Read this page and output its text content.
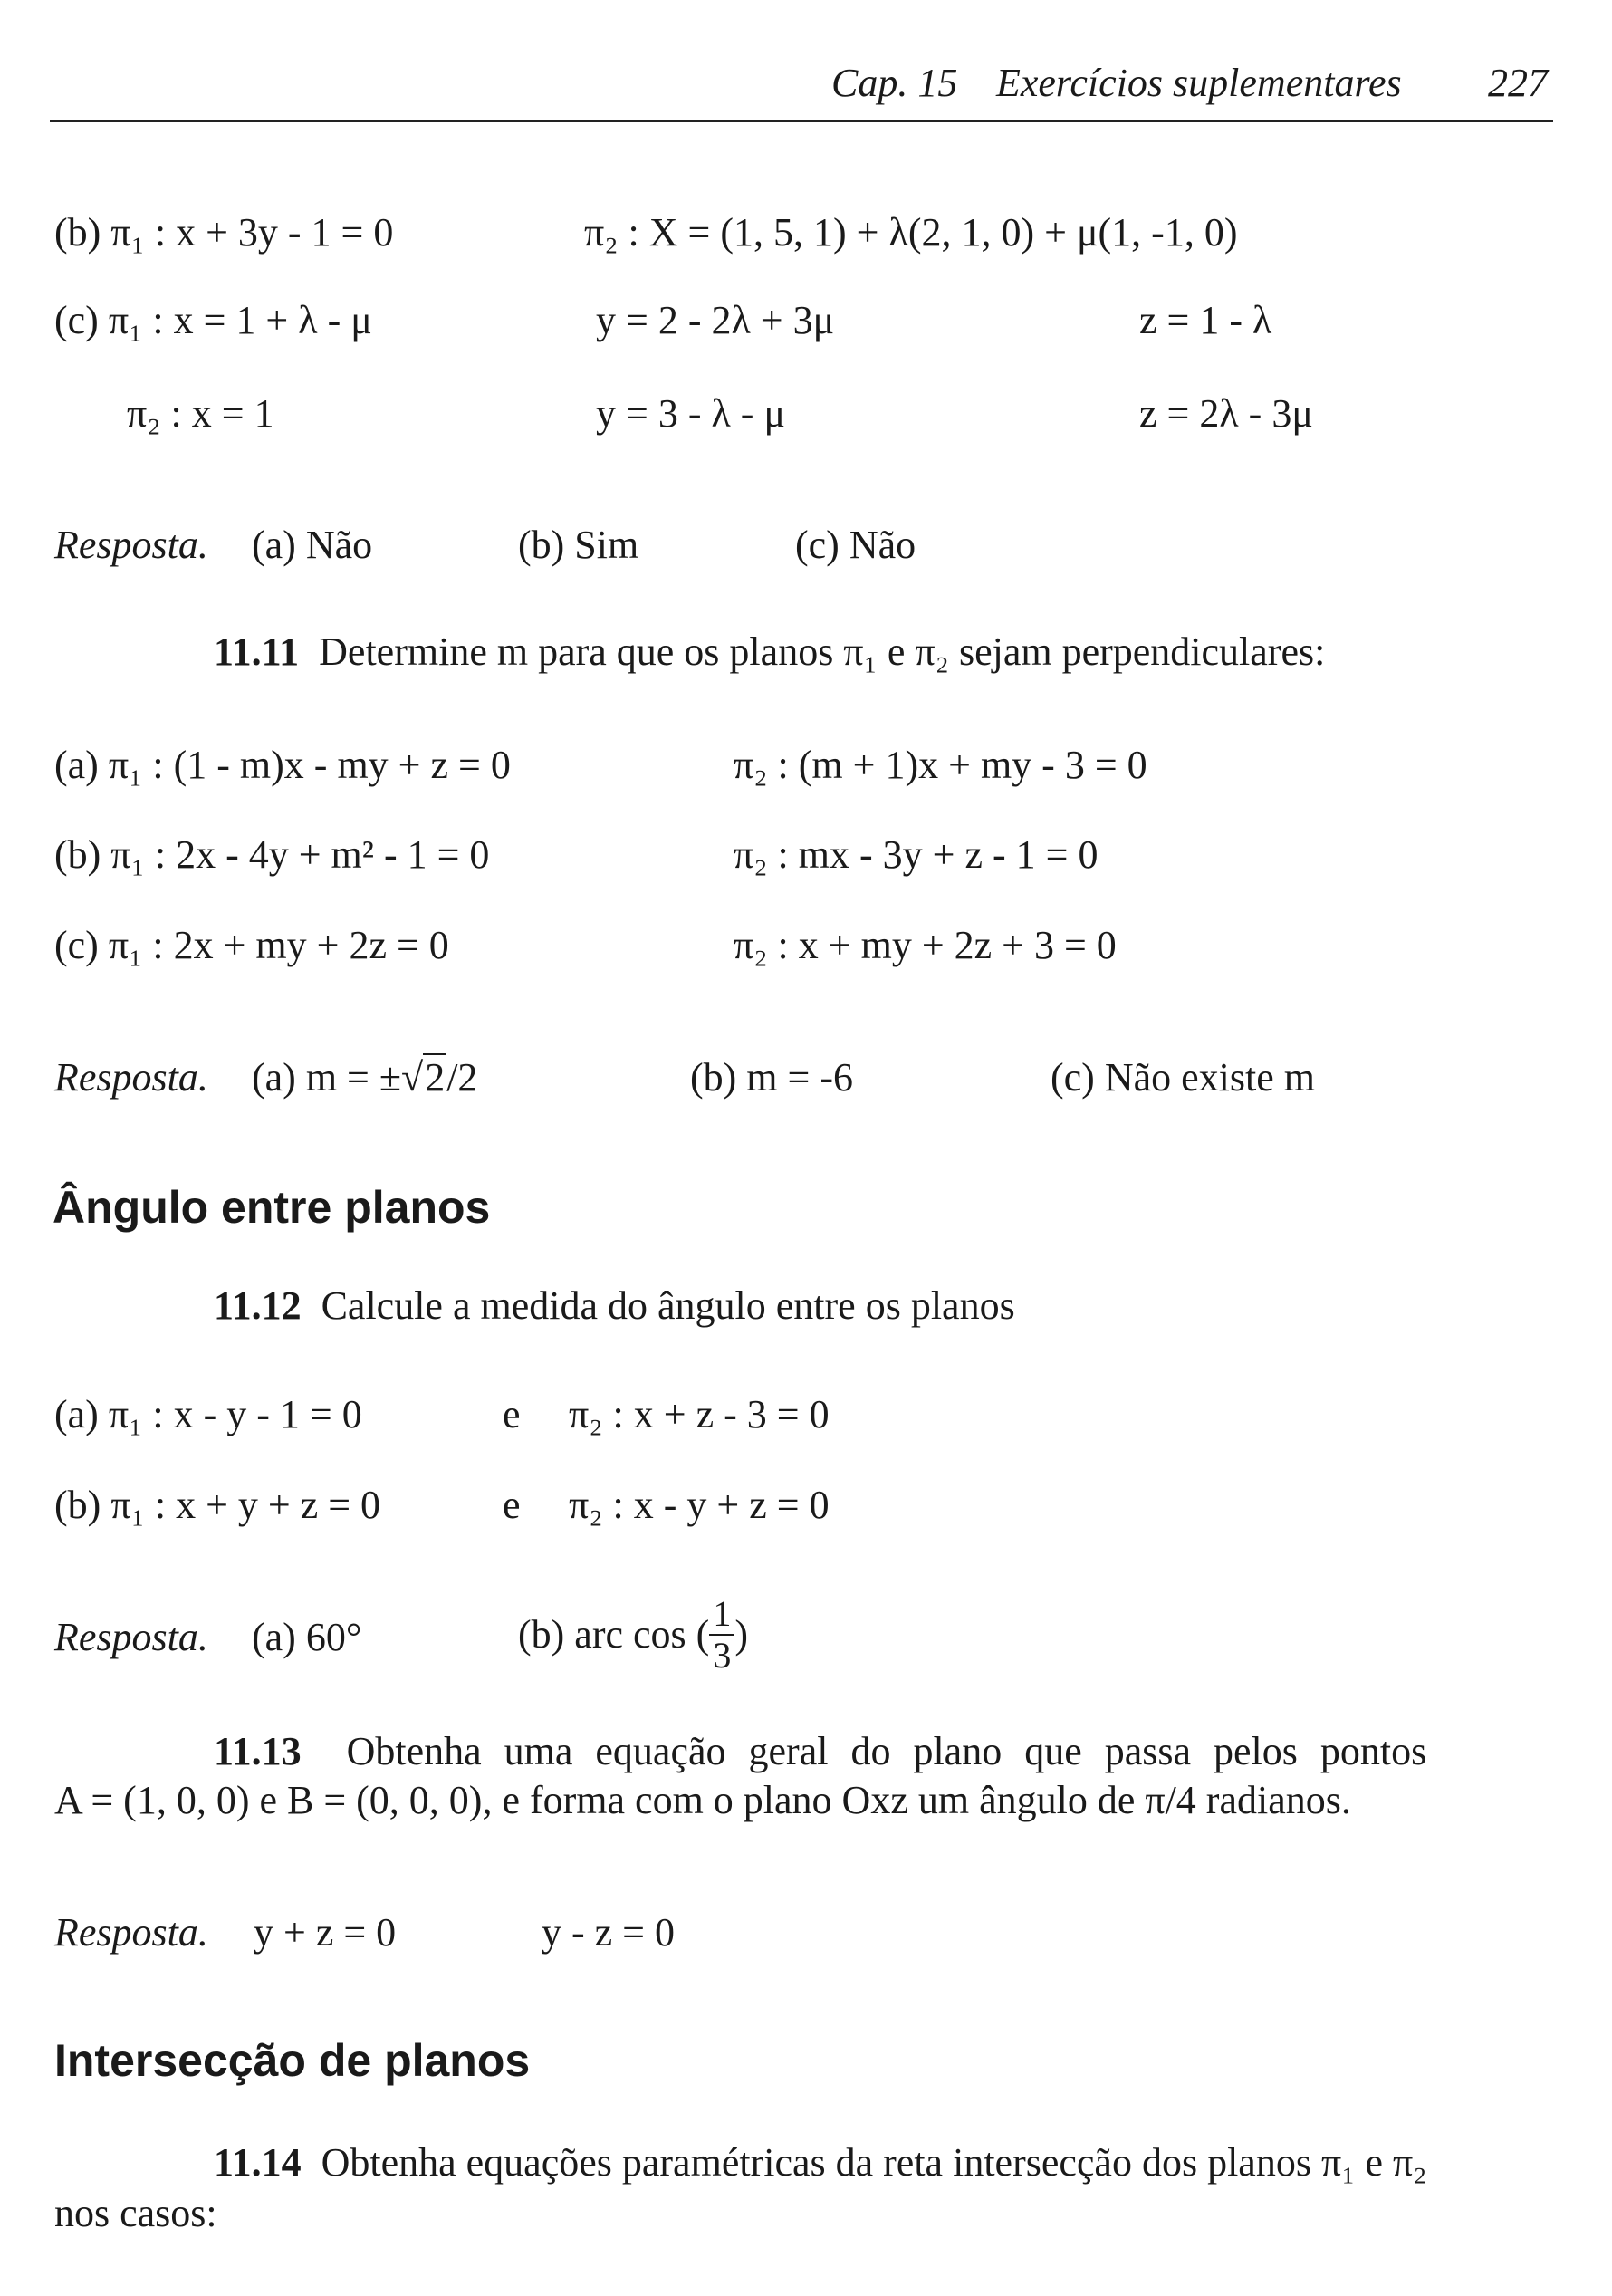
Cap. 15 Exercícios suplementares 227
(b) π₁ : x + 3y - 1 = 0	π₂ : X = (1, 5, 1) + λ(2, 1, 0) + μ(1, -1, 0)
(c) π₁ : x = 1 + λ - μ	y = 2 - 2λ + 3μ	z = 1 - λ
π₂ : x = 1	y = 3 - λ - μ	z = 2λ - 3μ
Resposta. (a) Não	(b) Sim	(c) Não
11.11 Determine m para que os planos π₁ e π₂ sejam perpendiculares:
(a) π₁ : (1 - m)x - my + z = 0	π₂ : (m + 1)x + my - 3 = 0
(b) π₁ : 2x - 4y + m² - 1 = 0	π₂ : mx - 3y + z - 1 = 0
(c) π₁ : 2x + my + 2z = 0	π₂ : x + my + 2z + 3 = 0
Resposta. (a) m = ±√2/2	(b) m = -6	(c) Não existe m
Ângulo entre planos
11.12 Calcule a medida do ângulo entre os planos
(a) π₁ : x - y - 1 = 0	e π₂ : x + z - 3 = 0
(b) π₁ : x + y + z = 0	e π₂ : x - y + z = 0
Resposta. (a) 60°	(b) arc cos ( $\frac{1}{3}$ )
11.13 Obtenha uma equação geral do plano que passa pelos pontos
A = (1, 0, 0) e B = (0, 0, 0), e forma com o plano Oxz um ângulo de π/4 radianos.
Resposta. y + z = 0	y - z = 0
Intersecção de planos
11.14 Obtenha equações paramétricas da reta intersecção dos planos π₁ e π₂
nos casos:
